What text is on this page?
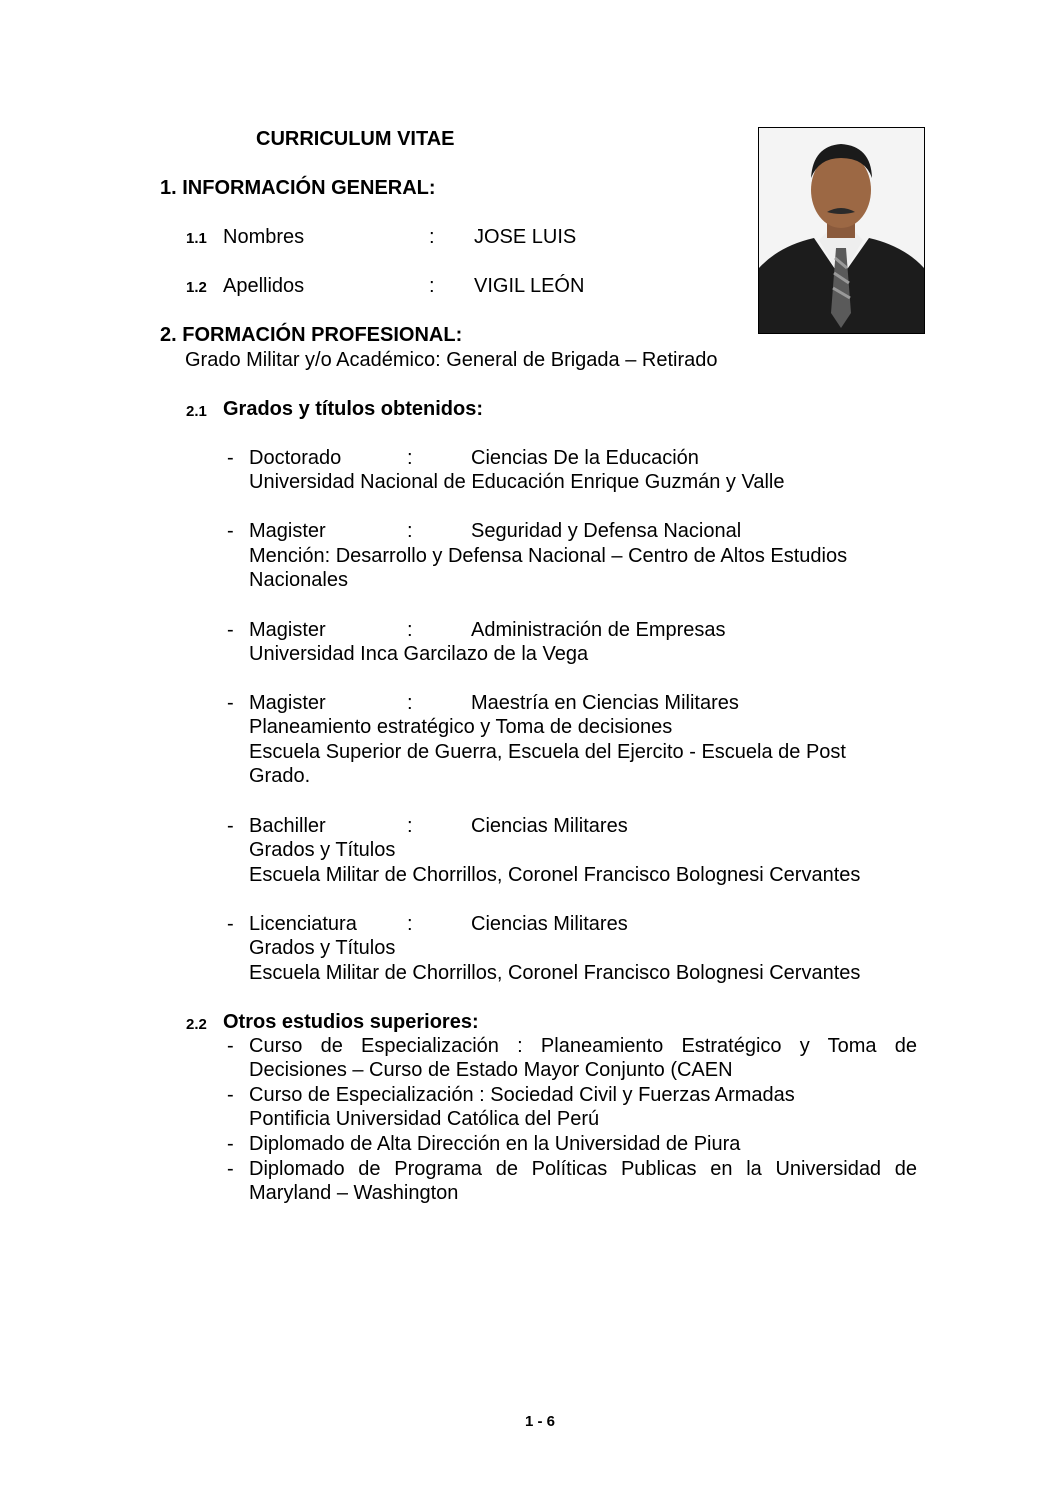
CURRICULUM VITAE
1. INFORMACIÓN GENERAL:
1.1 Nombres	: JOSE LUIS
1.2 Apellidos	: VIGIL LEÓN
2. FORMACIÓN PROFESIONAL:
Grado Militar y/o Académico: General de Brigada – Retirado
2.1 Grados y títulos obtenidos:
- Doctorado	:	Ciencias De la Educación
Universidad Nacional de Educación Enrique Guzmán y Valle
- Magister	:	Seguridad y Defensa Nacional
Mención: Desarrollo y Defensa Nacional – Centro de Altos Estudios
Nacionales
- Magister	:	Administración de Empresas
Universidad Inca Garcilazo de la Vega
- Magister	:	Maestría en Ciencias Militares
Planeamiento estratégico y Toma de decisiones
Escuela Superior de Guerra, Escuela del Ejercito - Escuela de Post
Grado.
- Bachiller	:	Ciencias Militares
Grados y Títulos
Escuela Militar de Chorrillos, Coronel Francisco Bolognesi Cervantes
- Licenciatura	:	Ciencias Militares
Grados y Títulos
Escuela Militar de Chorrillos, Coronel Francisco Bolognesi Cervantes
2.2 Otros estudios superiores:
- Curso de Especialización : Planeamiento Estratégico y Toma de
Decisiones – Curso de Estado Mayor Conjunto (CAEN
- Curso de Especialización : Sociedad Civil y Fuerzas Armadas
Pontificia Universidad Católica del Perú
- Diplomado de Alta Dirección en la Universidad de Piura
- Diplomado de Programa de Políticas Publicas en la Universidad de
Maryland – Washington
1 - 6
